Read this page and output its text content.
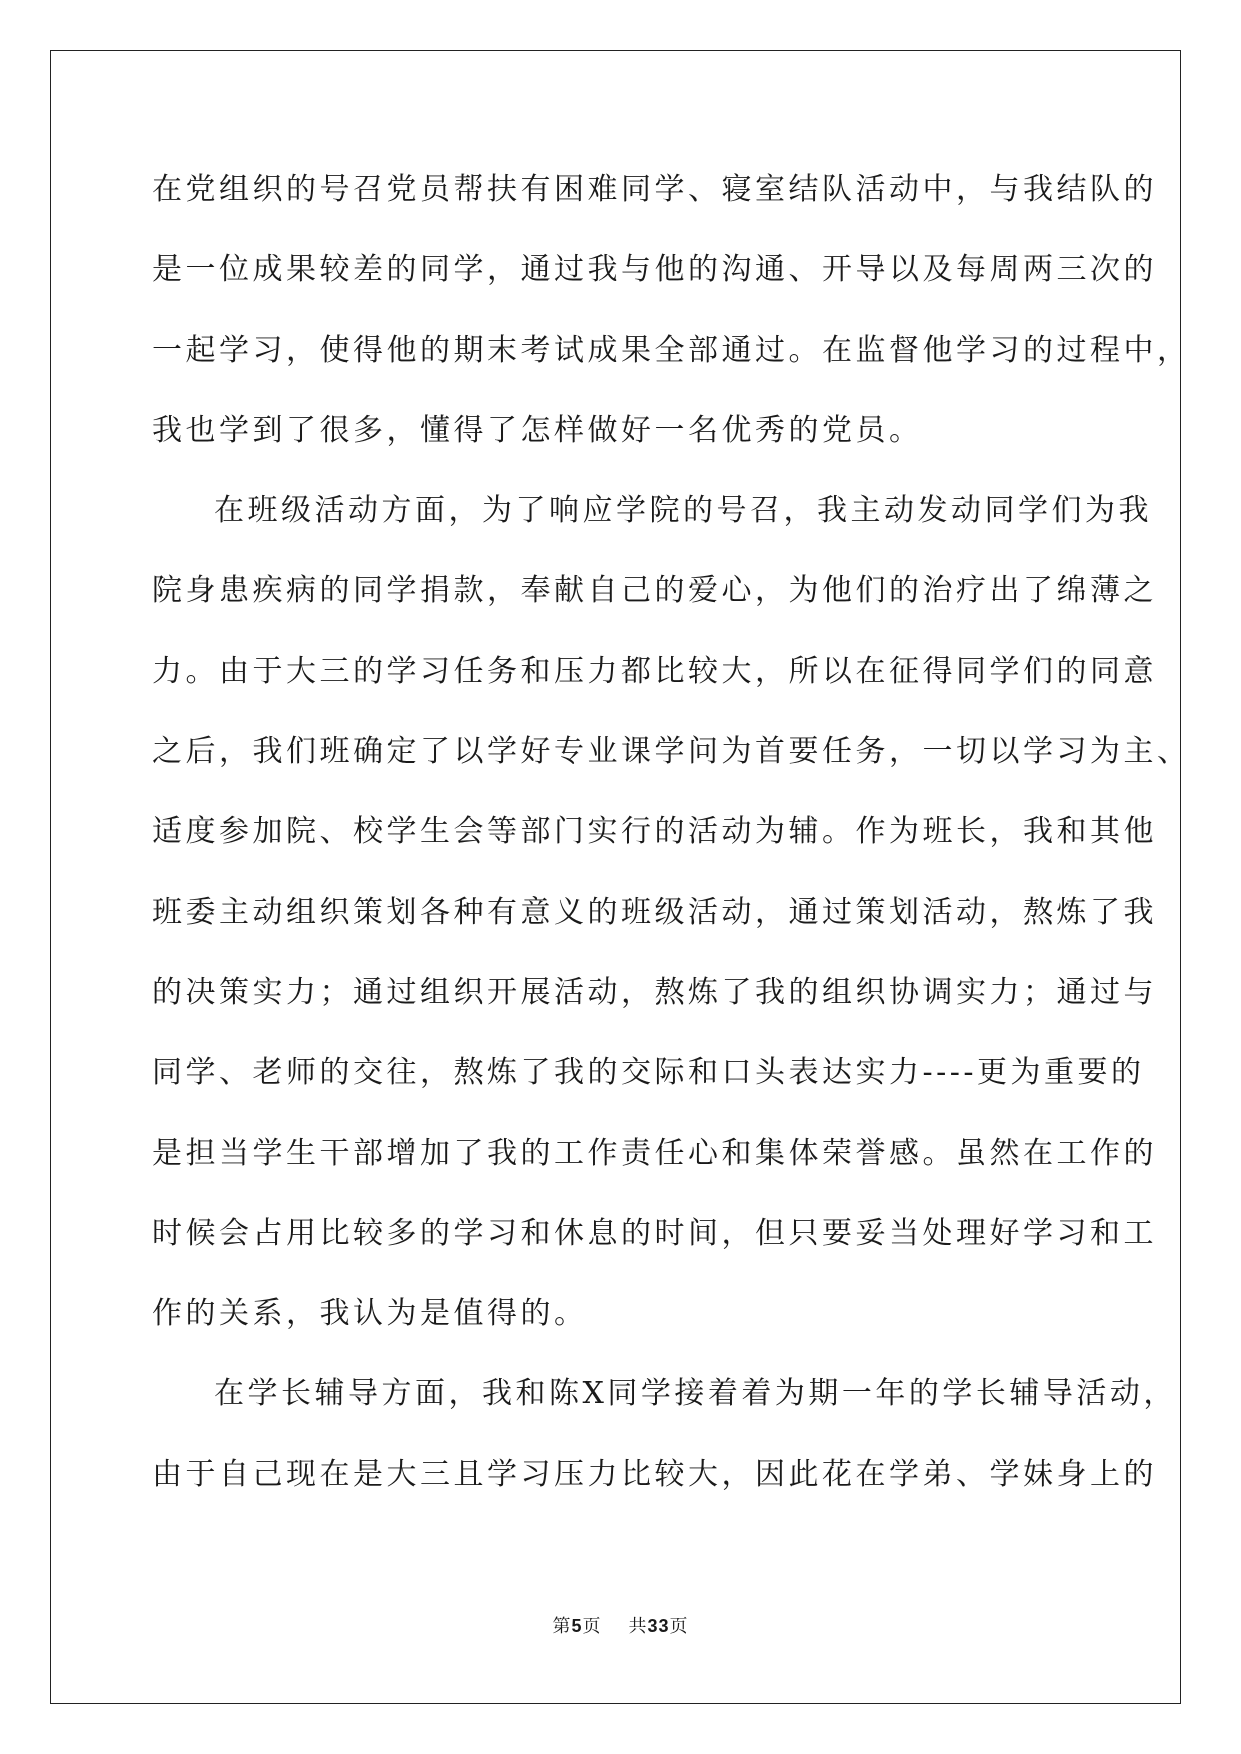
在党组织的号召党员帮扶有困难同学、寝室结队活动中，与我结队的
是一位成果较差的同学，通过我与他的沟通、开导以及每周两三次的
一起学习，使得他的期末考试成果全部通过。在监督他学习的过程中，
我也学到了很多，懂得了怎样做好一名优秀的党员。
在班级活动方面，为了响应学院的号召，我主动发动同学们为我
院身患疾病的同学捐款，奉献自己的爱心，为他们的治疗出了绵薄之
力。由于大三的学习任务和压力都比较大，所以在征得同学们的同意
之后，我们班确定了以学好专业课学问为首要任务，一切以学习为主、
适度参加院、校学生会等部门实行的活动为辅。作为班长，我和其他
班委主动组织策划各种有意义的班级活动，通过策划活动，熬炼了我
的决策实力；通过组织开展活动，熬炼了我的组织协调实力；通过与
同学、老师的交往，熬炼了我的交际和口头表达实力----更为重要的
是担当学生干部增加了我的工作责任心和集体荣誉感。虽然在工作的
时候会占用比较多的学习和休息的时间，但只要妥当处理好学习和工
作的关系，我认为是值得的。
在学长辅导方面，我和陈X同学接着着为期一年的学长辅导活动，
由于自己现在是大三且学习压力比较大，因此花在学弟、学妹身上的
第5页 共33页
